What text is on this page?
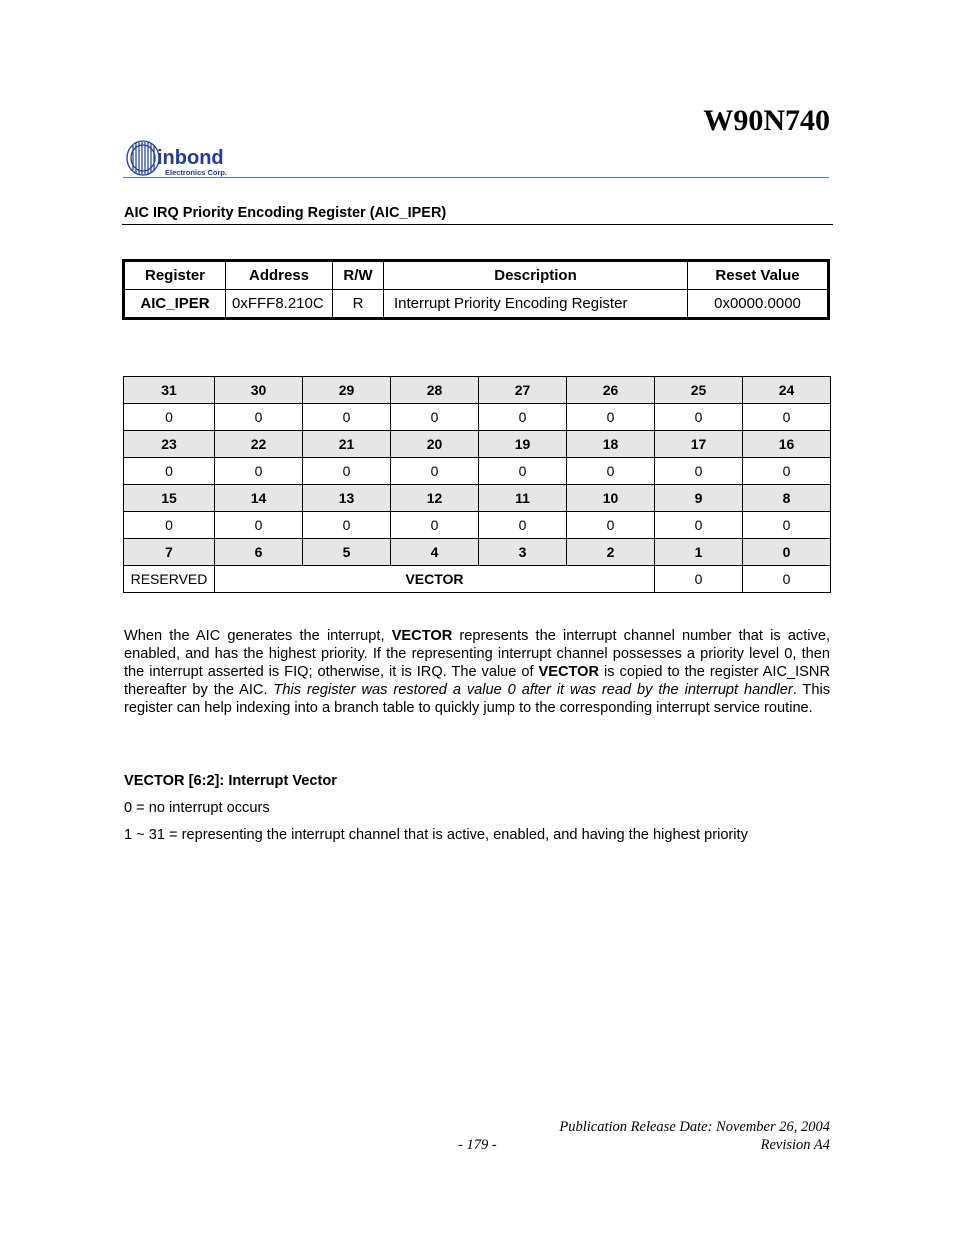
W90N740
inbond
Electronics Corp.
AIC IRQ Priority Encoding Register (AIC_IPER)
Register	Address	R/W	Description	Reset Value
AIC_IPER	0xFFF8.210C	R	Interrupt Priority Encoding Register	0x0000.0000
31	30	29	28	27	26	25	24
0	0	0	0	0	0	0	0
23	22	21	20	19	18	17	16
0	0	0	0	0	0	0	0
15	14	13	12	11	10	9	8
0	0	0	0	0	0	0	0
7	6	5	4	3	2	1	0
RESERVED	VECTOR					0	0
When the AIC generates the interrupt, VECTOR represents the interrupt channel number that is active, enabled, and has the highest priority. If the representing interrupt channel possesses a priority level 0, then the interrupt asserted is FIQ; otherwise, it is IRQ. The value of VECTOR is copied to the register AIC_ISNR thereafter by the AIC. This register was restored a value 0 after it was read by the interrupt handler. This register can help indexing into a branch table to quickly jump to the corresponding interrupt service routine.
VECTOR [6:2]: Interrupt Vector
0 = no interrupt occurs
1 ~ 31 = representing the interrupt channel that is active, enabled, and having the highest priority
Publication Release Date: November 26, 2004
- 179 -	Revision A4
